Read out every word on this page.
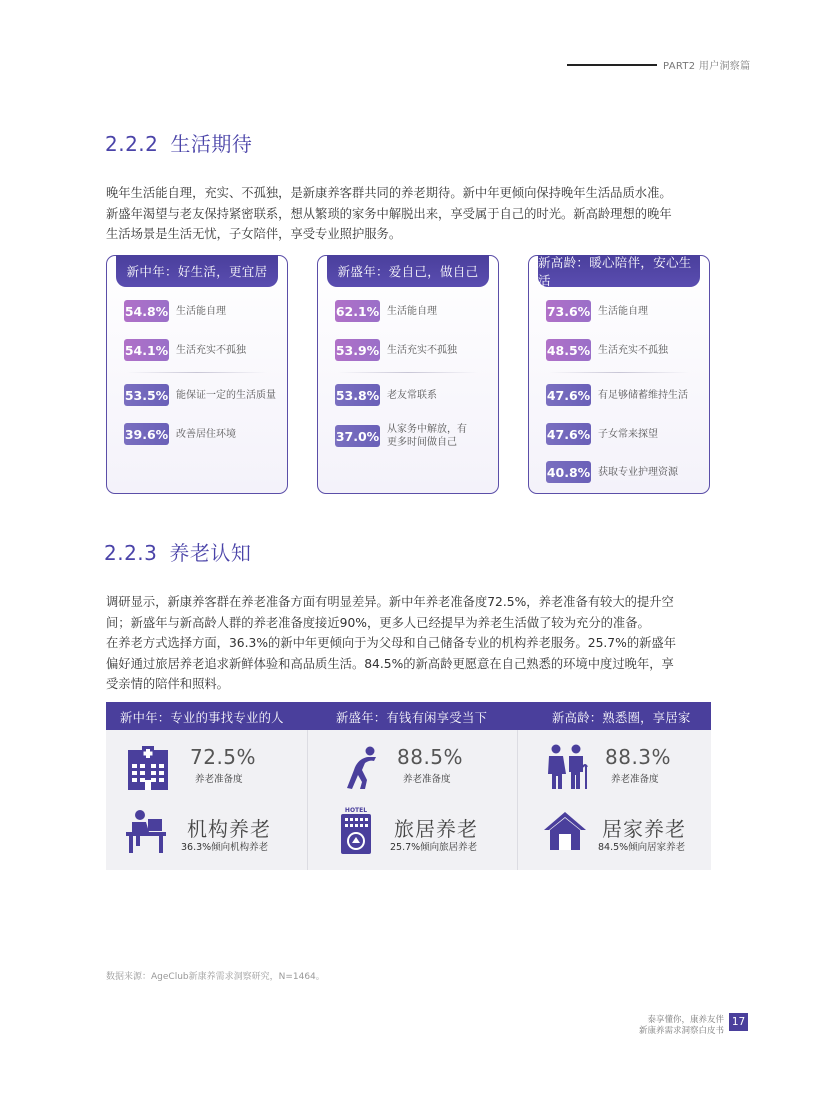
PART2 用户洞察篇
2.2.2 生活期待
晚年生活能自理，充实、不孤独，是新康养客群共同的养老期待。新中年更倾向保持晚年生活品质水准。
新盛年渴望与老友保持紧密联系，想从繁琐的家务中解脱出来，享受属于自己的时光。新高龄理想的晚年
生活场景是生活无忧，子女陪伴，享受专业照护服务。
新中年：好生活，更宜居
54.8% 生活能自理
54.1% 生活充实不孤独
53.5% 能保证一定的生活质量
39.6% 改善居住环境
新盛年：爱自己，做自己
62.1% 生活能自理
53.9% 生活充实不孤独
53.8% 老友常联系
37.0% 从家务中解放，有
更多时间做自己
新高龄：暖心陪伴，安心生活
73.6% 生活能自理
48.5% 生活充实不孤独
47.6% 有足够储蓄维持生活
47.6% 子女常来探望
40.8% 获取专业护理资源
2.2.3 养老认知
调研显示，新康养客群在养老准备方面有明显差异。新中年养老准备度72.5%，养老准备有较大的提升空
间；新盛年与新高龄人群的养老准备度接近90%，更多人已经提早为养老生活做了较为充分的准备。
在养老方式选择方面，36.3%的新中年更倾向于为父母和自己储备专业的机构养老服务。25.7%的新盛年
偏好通过旅居养老追求新鲜体验和高品质生活。84.5%的新高龄更愿意在自己熟悉的环境中度过晚年，享
受亲情的陪伴和照料。
新中年：专业的事找专业的人	新盛年：有钱有闲享受当下	新高龄：熟悉圈，享居家
72.5%
养老准备度
机构养老
36.3%倾向机构养老
88.5%
养老准备度
HOTEL
旅居养老
25.7%倾向旅居养老
88.3%
养老准备度
居家养老
84.5%倾向居家养老
数据来源：AgeClub新康养需求洞察研究，N=1464。
泰享懂你，康养友伴
新康养需求洞察白皮书
17
